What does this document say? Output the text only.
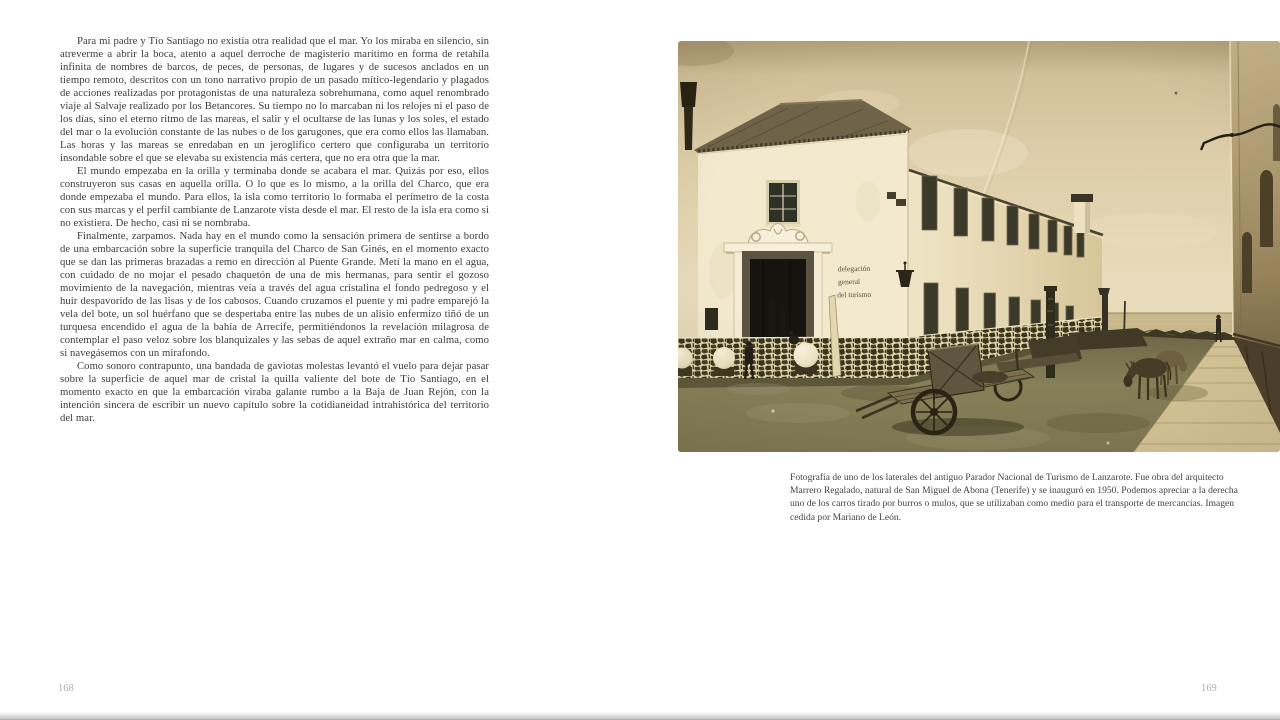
Para mi padre y Tío Santiago no existía otra realidad que el mar. Yo los miraba en silencio, sin atreverme a abrir la boca, atento a aquel derroche de magisterio marítimo en forma de retahíla infinita de nombres de barcos, de peces, de personas, de lugares y de sucesos anclados en un tiempo remoto, descritos con un tono narrativo propio de un pasado mítico-legendario y plagados de acciones realizadas por protagonistas de una naturaleza sobrehumana, como aquel renombrado viaje al Salvaje realizado por los Betancores. Su tiempo no lo marcaban ni los relojes ni el paso de los días, sino el eterno ritmo de las mareas, el salir y el ocultarse de las lunas y los soles, el estado del mar o la evolución constante de las nubes o de los garugones, que era como ellos las llamaban. Las horas y las mareas se enredaban en un jeroglífico certero que configuraba un territorio insondable sobre el que se elevaba su existencia más certera, que no era otra que la mar.

El mundo empezaba en la orilla y terminaba donde se acabara el mar. Quizás por eso, ellos construyeron sus casas en aquella orilla. O lo que es lo mismo, a la orilla del Charco, que era donde empezaba el mundo. Para ellos, la isla como territorio lo formaba el perímetro de la costa con sus marcas y el perfil cambiante de Lanzarote vista desde el mar. El resto de la isla era como si no existiera. De hecho, casi ni se nombraba.

Finalmente, zarpamos. Nada hay en el mundo como la sensación primera de sentirse a bordo de una embarcación sobre la superficie tranquila del Charco de San Ginés, en el momento exacto que se dan las primeras brazadas a remo en dirección al Puente Grande. Metí la mano en el agua, con cuidado de no mojar el pesado chaquetón de una de mis hermanas, para sentir el gozoso movimiento de la navegación, mientras veía a través del agua cristalina el fondo pedregoso y el huir despavorido de las lisas y de los cabosos. Cuando cruzamos el puente y mi padre emparejó la vela del bote, un sol huérfano que se despertaba entre las nubes de un alisio enfermizo tiñó de un turquesa encendido el agua de la bahía de Arrecife, permitiéndonos la revelación milagrosa de contemplar el paso veloz sobre los blanquizales y las sebas de aquel extraño mar en calma, como si navegásemos con un mirafondo.

Como sonoro contrapunto, una bandada de gaviotas molestas levantó el vuelo para dejar pasar sobre la superficie de aquel mar de cristal la quilla valiente del bote de Tío Santiago, en el momento exacto en que la embarcación viraba galante rumbo a la Baja de Juan Rejón, con la intención sincera de escribir un nuevo capítulo sobre la cotidianeidad intrahistórica del territorio del mar.

168
Fotografía de uno de los laterales del antiguo Parador Nacional de Turismo de Lanzarote. Fue obra del arquitecto Marrero Regalado, natural de San Miguel de Abona (Tenerife) y se inauguró en 1950. Podemos apreciar a la derecha uno de los carros tirado por burros o mulos, que se utilizaban como medio para el transporte de mercancías. Imagen cedida por Mariano de León.
169
